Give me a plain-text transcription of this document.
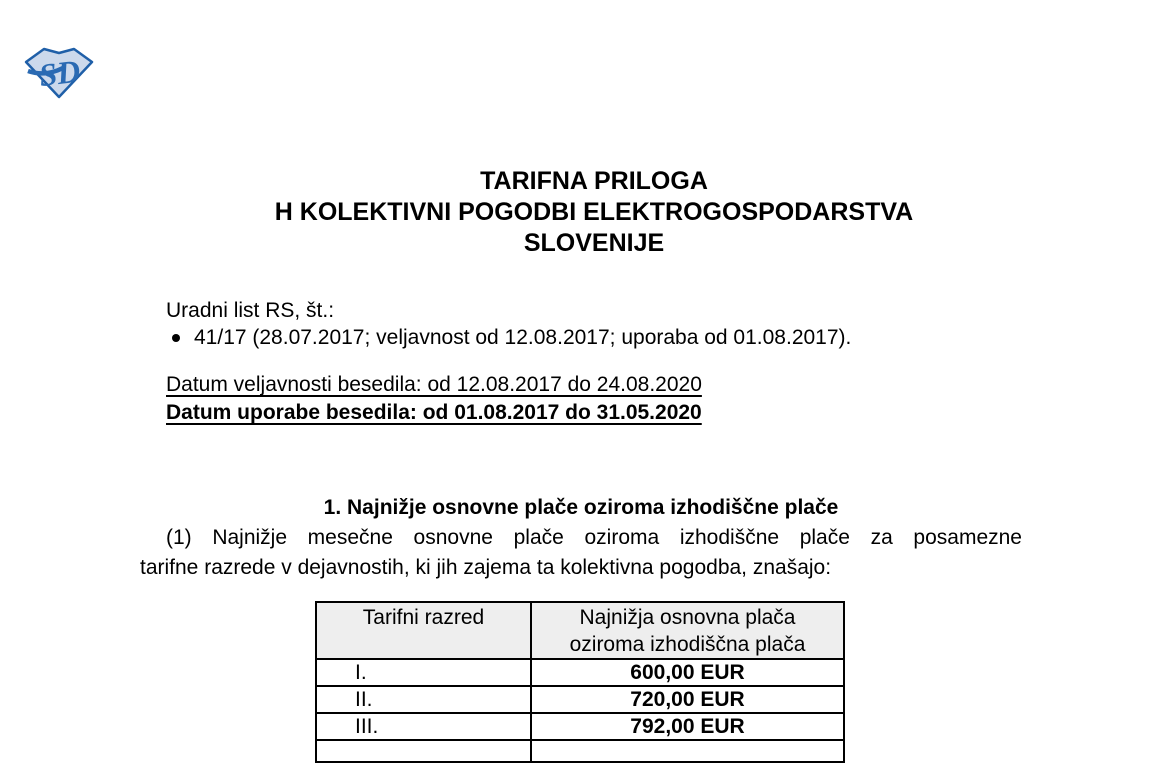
SD
TARIFNA PRILOGA
H KOLEKTIVNI POGODBI ELEKTROGOSPODARSTVA
SLOVENIJE
Uradni list RS, št.:
41/17 (28.07.2017; veljavnost od 12.08.2017; uporaba od 01.08.2017).
Datum veljavnosti besedila: od 12.08.2017 do 24.08.2020
Datum uporabe besedila: od 01.08.2017 do 31.05.2020
1. Najnižje osnovne plače oziroma izhodiščne plače
(1) Najnižje mesečne osnovne plače oziroma izhodiščne plače za posamezne
tarifne razrede v dejavnostih, ki jih zajema ta kolektivna pogodba, znašajo:
Tarifni razred	Najnižja osnovna plača
oziroma izhodiščna plača

I.	600,00 EUR
II.	720,00 EUR
III.	792,00 EUR
